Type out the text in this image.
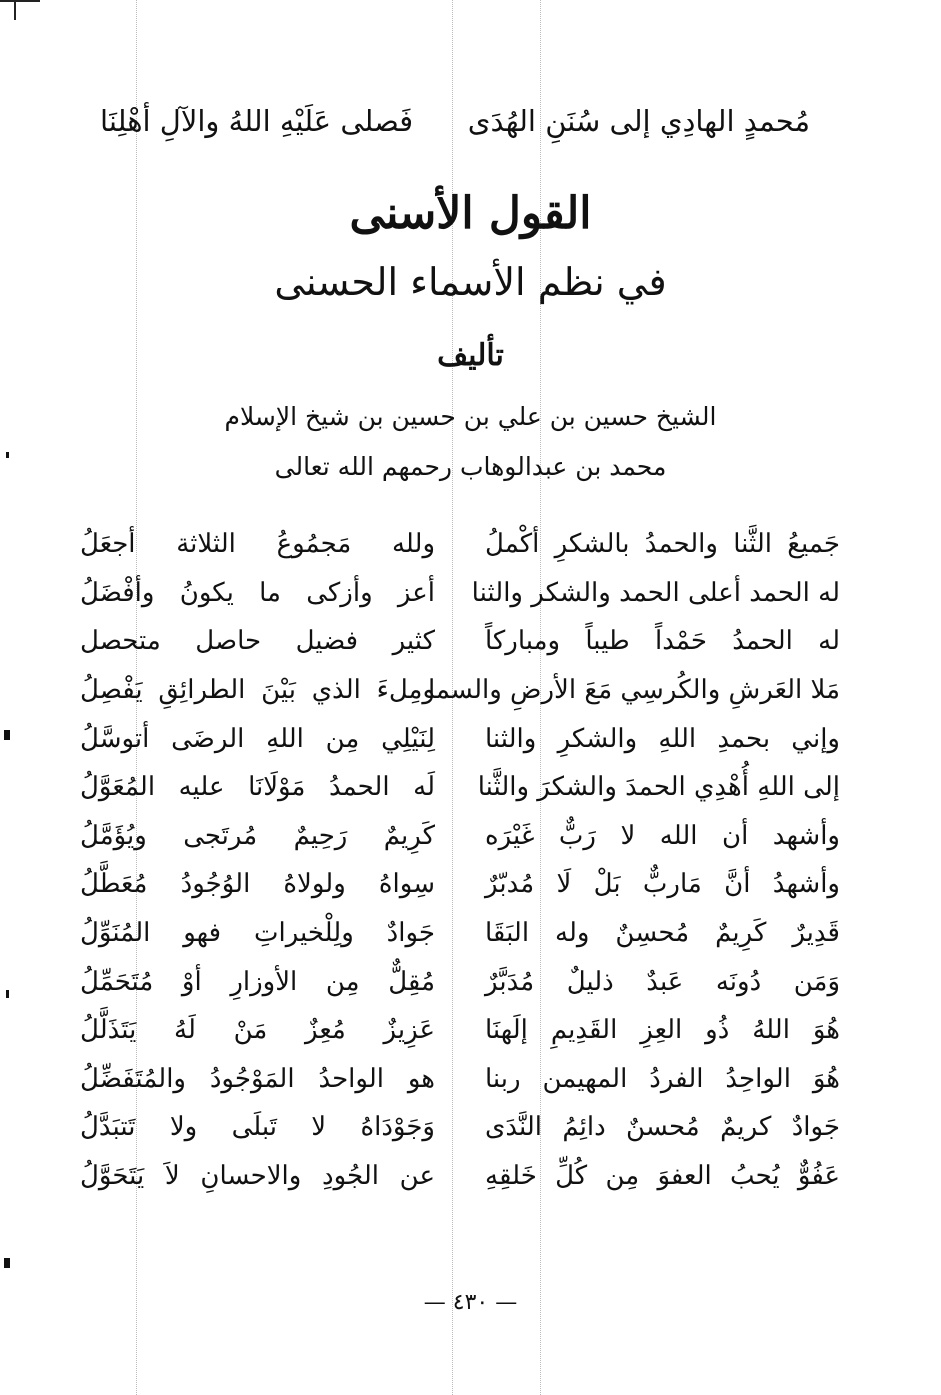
مُحمدٍ الهادِي إلى سُنَنِ الهُدَى
فَصلى عَلَيْهِ اللهُ والآلِ أهْلِنَا
القول الأسنى
في نظم الأسماء الحسنى
تأليف
الشيخ حسين بن علي بن حسين بن شيخ الإسلام
محمد بن عبدالوهاب رحمهم الله تعالى
جَميعُ الثَّنا والحمدُ بالشكرِ أكْملُ
ولله مَجمُوعُ الثلاثة أجعَلُ
له الحمد أعلى الحمد والشكر والثنا
أعز وأزكى ما يكونُ وأفْضَلُ
له الحمدُ حَمْداً طيباً ومباركاً
كثير فضيل حاصل متحصل
مَلا العَرشِ والكُرسِي مَعَ الأرضِ والسما
ومِلءَ الذي بَيْنَ الطرائِقِ يَفْصِلُ
وإني بحمدِ اللهِ والشكرِ والثنا
لِنَيْلِي مِن اللهِ الرضَى أتوسَّلُ
إلى اللهِ أُهْدِي الحمدَ والشكرَ والثَّنا
لَه الحمدُ مَوْلَانَا عليه المُعَوَّلُ
وأشهد أن الله لا رَبٌّ غَيْرَه
كَرِيمٌ رَحِيمٌ مُرتَجى ويُؤَمَّلُ
وأشهدُ أنَّ مَاربٌّ بَلْ لَا مُدبّرٌ
سِواهُ ولولاهُ الوُجُودُ مُعَطَّلُ
قَدِيرٌ كَرِيمٌ مُحسِنٌ وله البَقَا
جَوادٌ ولِلْخيراتِ فهو المُنَوِّلُ
وَمَن دُونَه عَبدٌ ذليلٌ مُدَبَّرٌ
مُقِلٌّ مِن الأوزارِ أوْ مُتَحَمِّلُ
هُوَ اللهُ ذُو العِزِ القَدِيمِ إلَهنَا
عَزِيزٌ مُعِزٌ مَنْ لَهُ يَتَذَلَّلُ
هُوَ الواحِدُ الفردُ المهيمن ربنا
هو الواحدُ المَوْجُودُ والمُتَفَضِّلُ
جَوادٌ كريمٌ مُحسنٌ دائِمُ النَّدَى
وَجَوْدَاهُ لا تَبلَى ولا تَتبَدَّلُ
عَفُوٌّ يُحبُ العفوَ مِن كُلِّ خَلقِهِ
عن الجُودِ والاحسانِ لاَ يَتَحَوَّلُ
— ٤٣٠ —
